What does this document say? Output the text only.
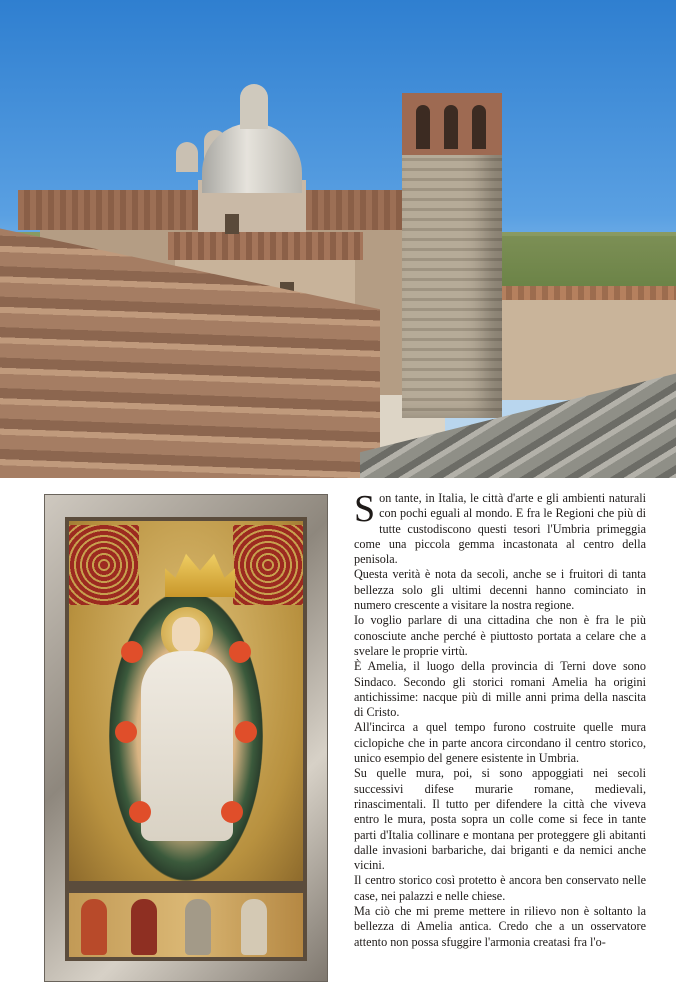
Son tante, in Italia, le città d'arte e gli ambienti naturali con pochi eguali al mondo. E fra le Regioni che più di tutte custodiscono questi tesori l'Umbria primeggia come una piccola gemma incastonata al centro della penisola.

Questa verità è nota da secoli, anche se i fruitori di tanta bellezza solo gli ultimi decenni hanno cominciato in numero crescente a visitare la nostra regione.

Io voglio parlare di una cittadina che non è fra le più conosciute anche perché è piuttosto portata a celare che a svelare le proprie virtù.

È Amelia, il luogo della provincia di Terni dove sono Sindaco. Secondo gli storici romani Amelia ha origini antichissime: nacque più di mille anni prima della nascita di Cristo.

All'incirca a quel tempo furono costruite quelle mura ciclopiche che in parte ancora circondano il centro storico, unico esempio del genere esistente in Umbria.

Su quelle mura, poi, si sono appoggiati nei secoli successivi difese murarie romane, medievali, rinascimentali. Il tutto per difendere la città che viveva entro le mura, posta sopra un colle come si fece in tante parti d'Italia collinare e montana per proteggere gli abitanti dalle invasioni barbariche, dai briganti e da nemici anche vicini.

Il centro storico così protetto è ancora ben conservato nelle case, nei palazzi e nelle chiese.

Ma ciò che mi preme mettere in rilievo non è soltanto la bellezza di Amelia antica. Credo che a un osservatore attento non possa sfuggire l'armonia creatasi fra l'o-
